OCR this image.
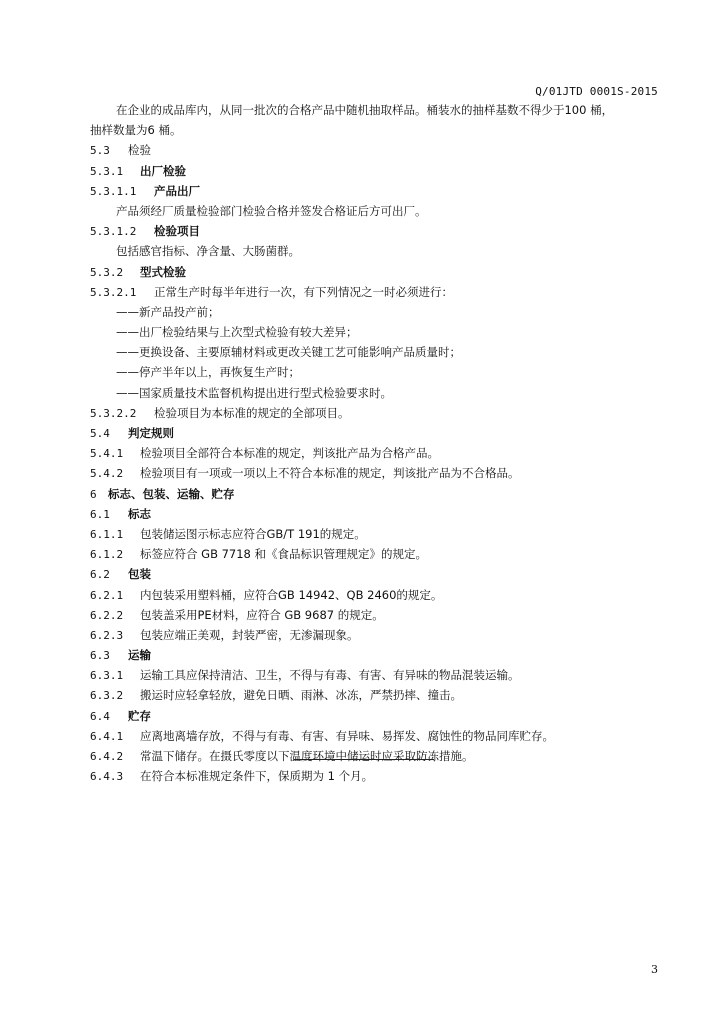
Q/01JTD 0001S-2015
在企业的成品库内，从同一批次的合格产品中随机抽取样品。桶装水的抽样基数不得少于100 桶，
抽样数量为6 桶。
5.3 检验
5.3.1 出厂检验
5.3.1.1 产品出厂
产品须经厂质量检验部门检验合格并签发合格证后方可出厂。
5.3.1.2 检验项目
包括感官指标、净含量、大肠菌群。
5.3.2 型式检验
5.3.2.1 正常生产时每半年进行一次，有下列情况之一时必须进行：
——新产品投产前；
——出厂检验结果与上次型式检验有较大差异；
——更换设备、主要原辅材料或更改关键工艺可能影响产品质量时；
——停产半年以上，再恢复生产时；
——国家质量技术监督机构提出进行型式检验要求时。
5.3.2.2 检验项目为本标准的规定的全部项目。
5.4 判定规则
5.4.1 检验项目全部符合本标准的规定，判该批产品为合格产品。
5.4.2 检验项目有一项或一项以上不符合本标准的规定，判该批产品为不合格品。
6 标志、包装、运输、贮存
6.1 标志
6.1.1 包装储运图示标志应符合GB/T 191的规定。
6.1.2 标签应符合 GB 7718 和《食品标识管理规定》的规定。
6.2 包装
6.2.1 内包装采用塑料桶，应符合GB 14942、QB 2460的规定。
6.2.2 包装盖采用PE材料，应符合 GB 9687 的规定。
6.2.3 包装应端正美观，封装严密，无渗漏现象。
6.3 运输
6.3.1 运输工具应保持清洁、卫生，不得与有毒、有害、有异味的物品混装运输。
6.3.2 搬运时应轻拿轻放，避免日晒、雨淋、冰冻，严禁扔摔、撞击。
6.4 贮存
6.4.1 应离地离墙存放，不得与有毒、有害、有异味、易挥发、腐蚀性的物品同库贮存。
6.4.2 常温下储存。在摄氏零度以下温度环境中储运时应采取防冻措施。
6.4.3 在符合本标准规定条件下，保质期为 1 个月。
3
